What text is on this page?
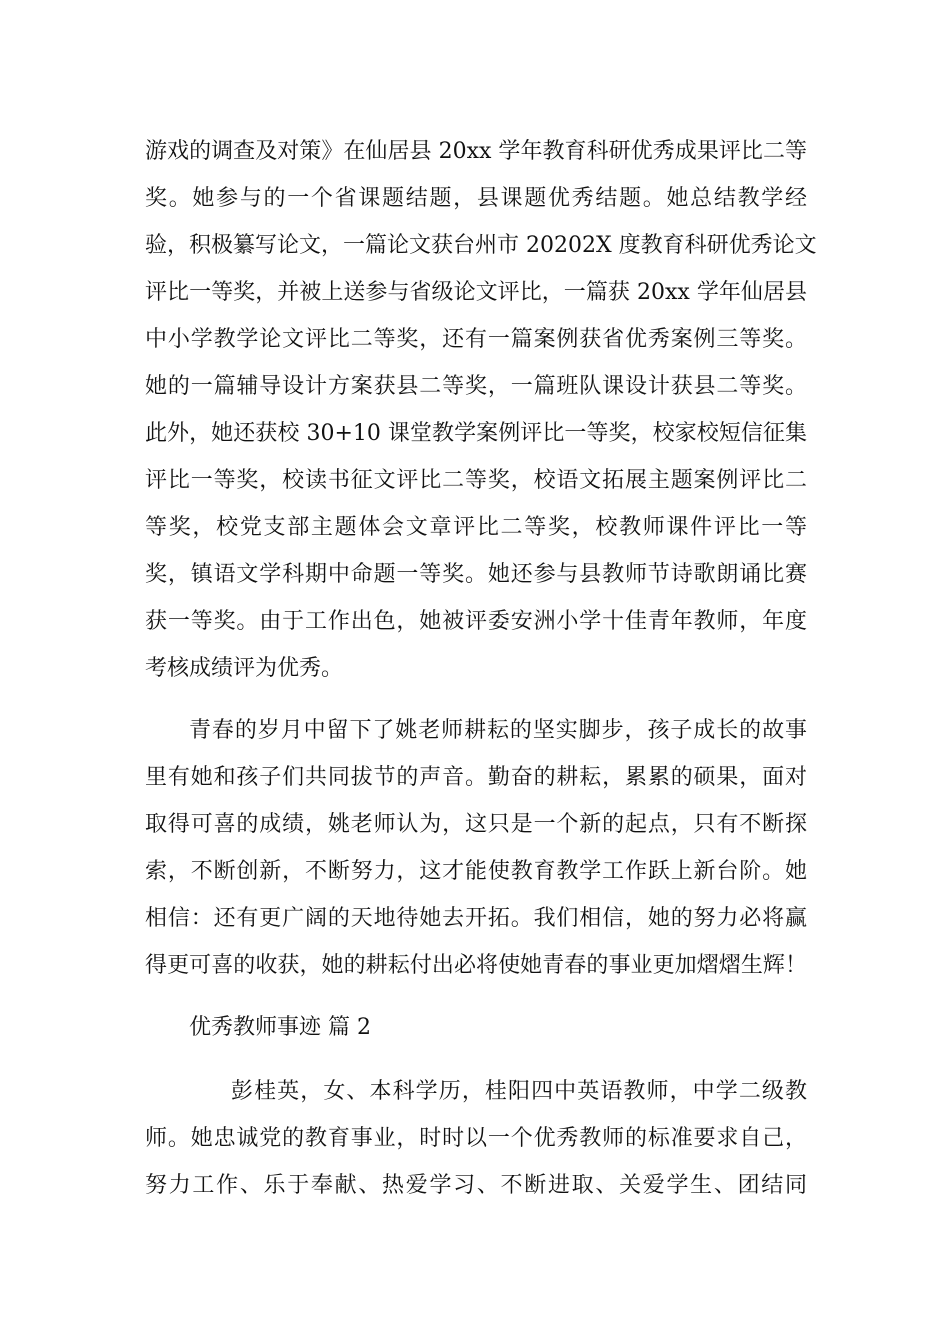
游戏的调查及对策》在仙居县 20xx 学年教育科研优秀成果评比二等
奖。她参与的一个省课题结题，县课题优秀结题。她总结教学经
验，积极纂写论文，一篇论文获台州市 20202X 度教育科研优秀论文
评比一等奖，并被上送参与省级论文评比，一篇获 20xx 学年仙居县
中小学教学论文评比二等奖，还有一篇案例获省优秀案例三等奖。
她的一篇辅导设计方案获县二等奖，一篇班队课设计获县二等奖。
此外，她还获校 30+10 课堂教学案例评比一等奖，校家校短信征集
评比一等奖，校读书征文评比二等奖，校语文拓展主题案例评比二
等奖，校党支部主题体会文章评比二等奖，校教师课件评比一等
奖，镇语文学科期中命题一等奖。她还参与县教师节诗歌朗诵比赛
获一等奖。由于工作出色，她被评委安洲小学十佳青年教师，年度
考核成绩评为优秀。
青春的岁月中留下了姚老师耕耘的坚实脚步，孩子成长的故事
里有她和孩子们共同拔节的声音。勤奋的耕耘，累累的硕果，面对
取得可喜的成绩，姚老师认为，这只是一个新的起点，只有不断探
索，不断创新，不断努力，这才能使教育教学工作跃上新台阶。她
相信：还有更广阔的天地待她去开拓。我们相信，她的努力必将赢
得更可喜的收获，她的耕耘付出必将使她青春的事业更加熠熠生辉！
优秀教师事迹 篇 2
彭桂英，女、本科学历，桂阳四中英语教师，中学二级教
师。她忠诚党的教育事业，时时以一个优秀教师的标准要求自己，
努力工作、乐于奉献、热爱学习、不断进取、关爱学生、团结同
